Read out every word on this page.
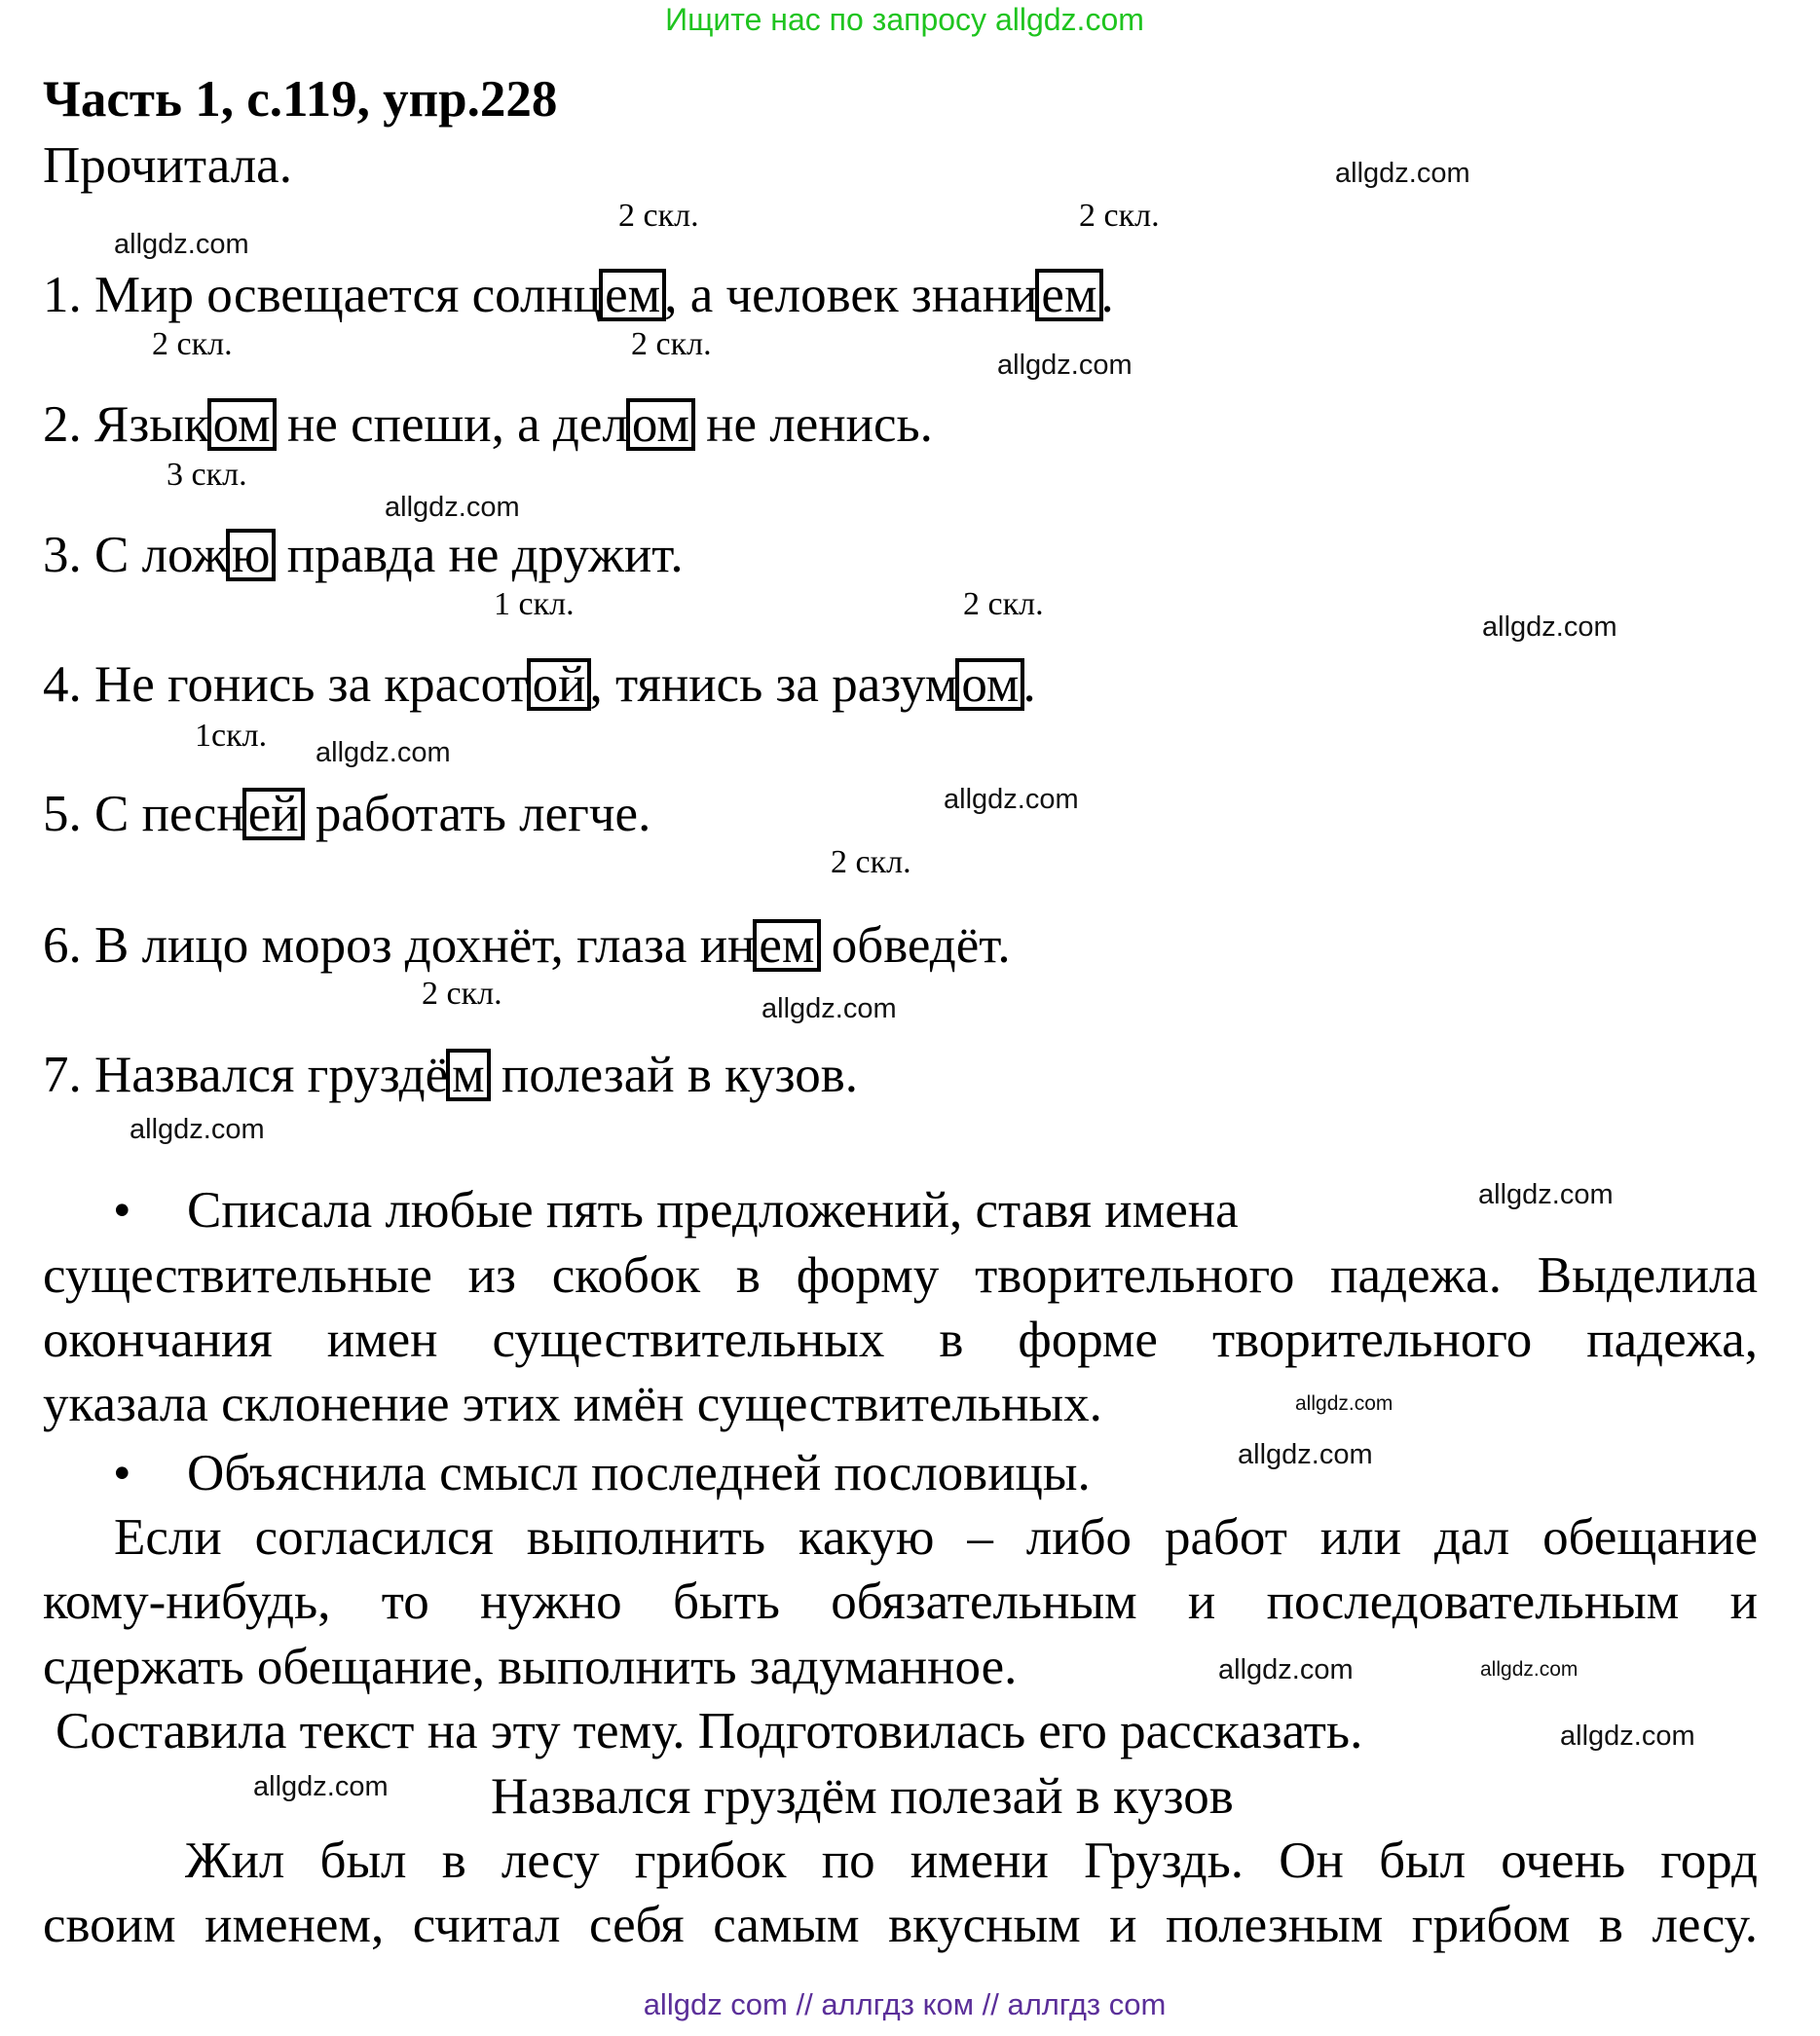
Ищите нас по запросу allgdz.com
Часть 1, с.119, упр.228
Прочитала.
1. Мир освещается солнцем, а человек знанием.
2. Языком не спеши, а делом не ленись.
3. С ложю правда не дружит.
4. Не гонись за красотой, тянись за разумом.
5. С песней работать легче.
6. В лицо мороз дохнёт, глаза инем обведёт.
7. Назвался груздём полезай в кузов.
2 скл.	2 скл.
2 скл.	2 скл.
3 скл.
1 скл.	2 скл.
1скл.
2 скл.
2 скл.
• Списала любые пять предложений, ставя имена
существительные из скобок в форму творительного падежа. Выделила
окончания имен существительных в форме творительного падежа,
указала склонение этих имён существительных.
• Объяснила смысл последней пословицы.
Если согласился выполнить какую – либо работ или дал обещание
кому-нибудь, то нужно быть обязательным и последовательным и
сдержать обещание, выполнить задуманное.
Составила текст на эту тему. Подготовилась его рассказать.
Назвался груздём полезай в кузов
Жил был в лесу грибок по имени Груздь. Он был очень горд
своим именем, считал себя самым вкусным и полезным грибом в лесу.
allgdz.com
allgdz.com
allgdz.com
allgdz.com
allgdz.com
allgdz.com
allgdz.com
allgdz.com
allgdz.com
allgdz.com
allgdz.com
allgdz.com
allgdz.com
allgdz.com
allgdz.com
allgdz.com
allgdz com // аллгдз ком // аллгдз com
